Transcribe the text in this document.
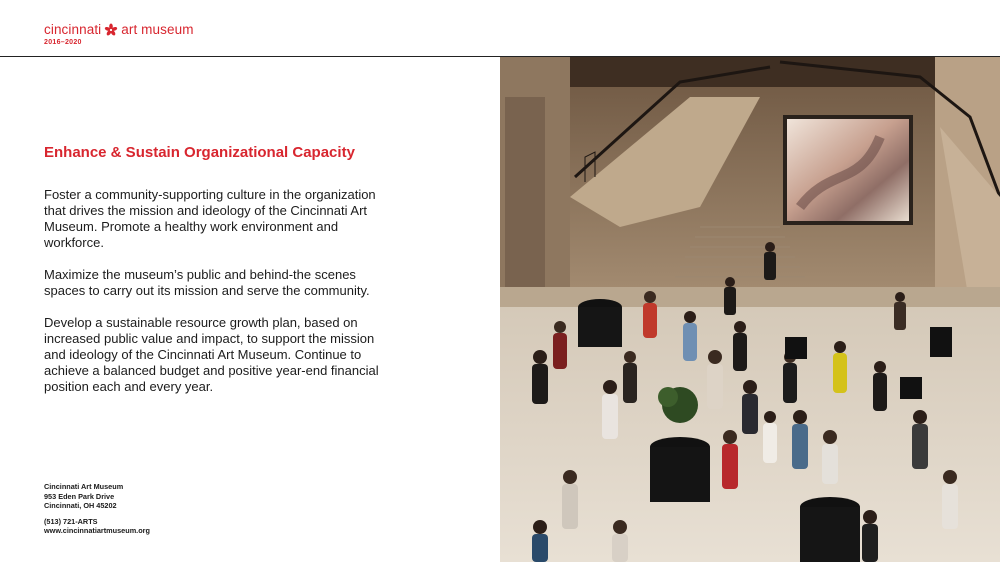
cincinnati art museum
2016–2020
Enhance & Sustain Organizational Capacity

Foster a community-supporting culture in the organization that drives the mission and ideology of the Cincinnati Art Museum. Promote a healthy work environment and workforce.

Maximize the museum’s public and behind-the scenes spaces to carry out its mission and serve the community.

Develop a sustainable resource growth plan, based on increased public value and impact, to support the mission and ideology of the Cincinnati Art Museum. Continue to achieve a balanced budget and positive year-end financial position each and every year.

Cincinnati Art Museum
953 Eden Park Drive
Cincinnati, OH 45202
(513) 721-ARTS
www.cincinnatiartmuseum.org
